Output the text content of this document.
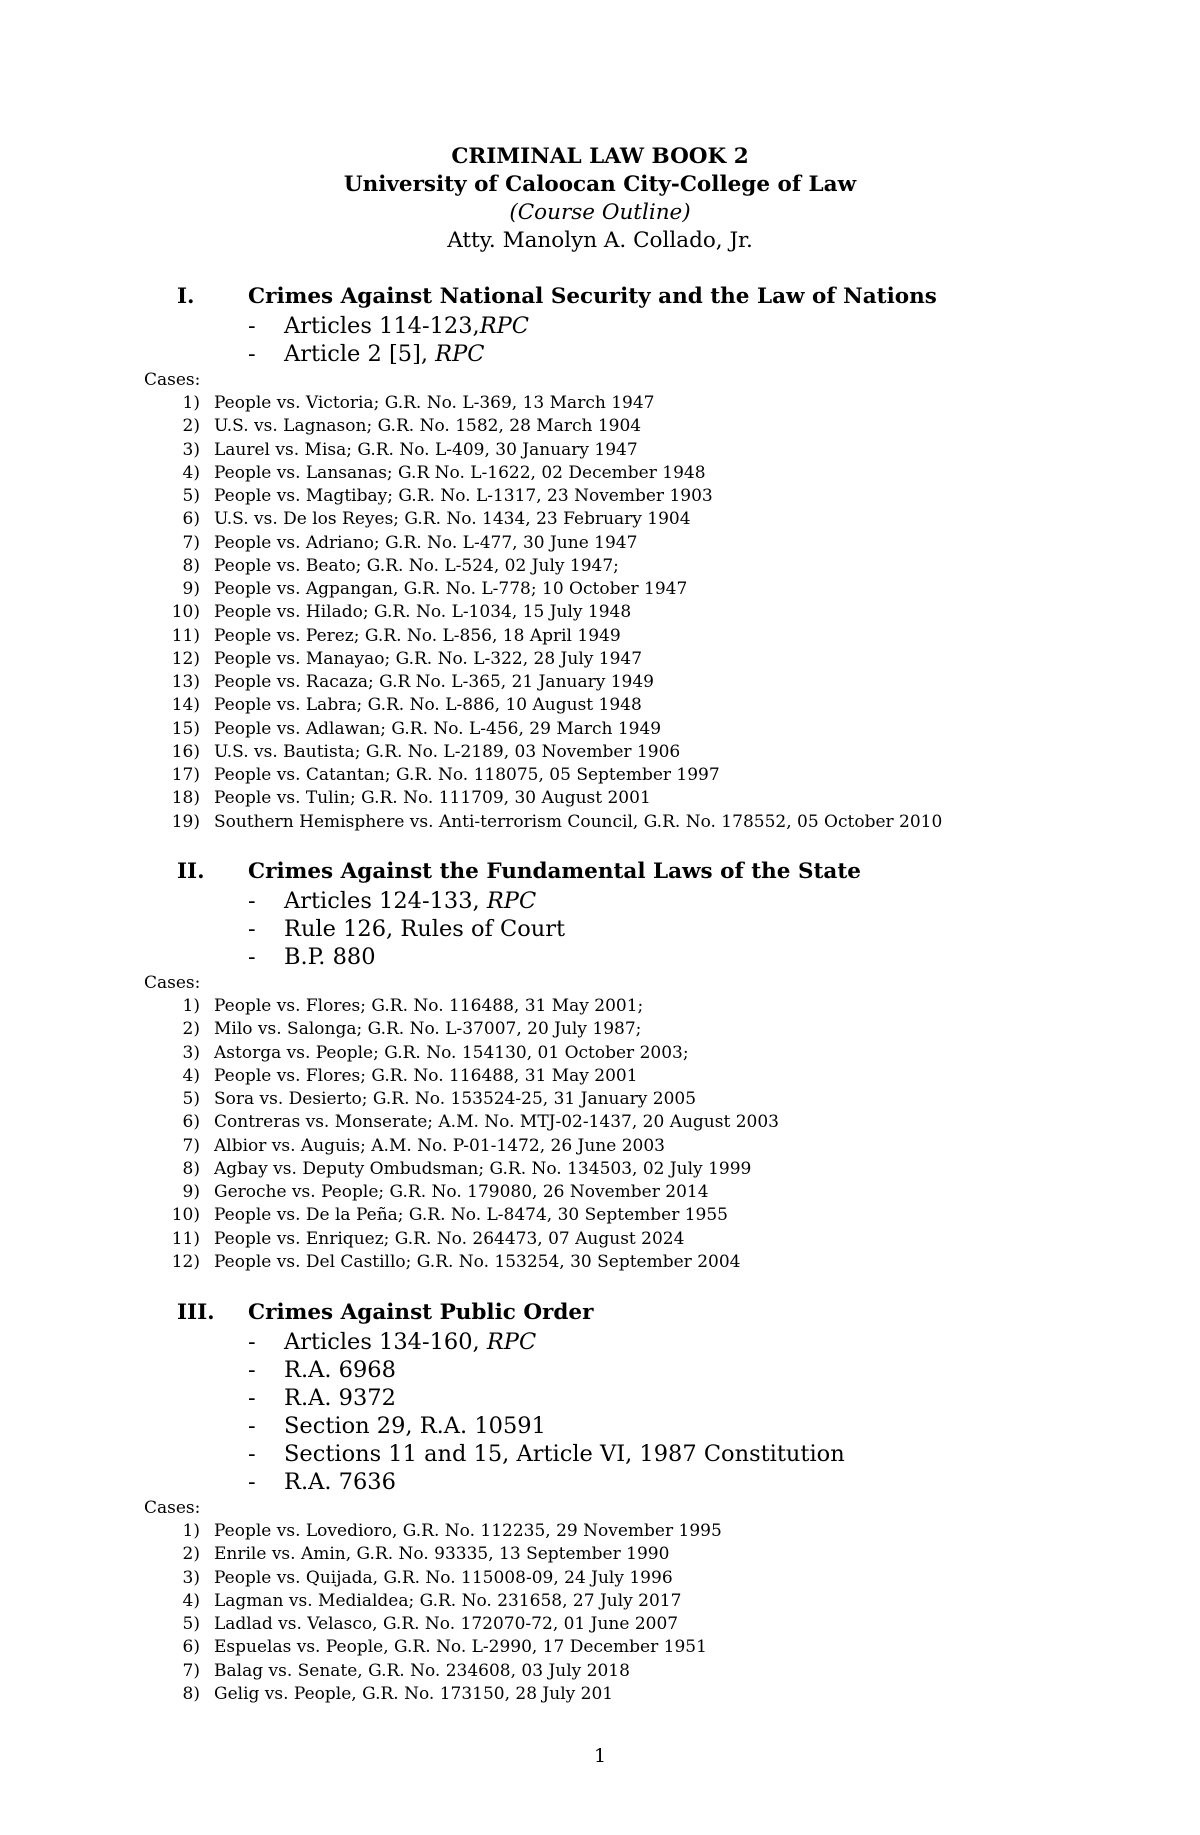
CRIMINAL LAW BOOK 2
University of Caloocan City-College of Law
(Course Outline)
Atty. Manolyn A. Collado, Jr.
I. Crimes Against National Security and the Law of Nations
- Articles 114-123,RPC
- Article 2 [5], RPC
Cases:
1) People vs. Victoria; G.R. No. L-369, 13 March 1947
2) U.S. vs. Lagnason; G.R. No. 1582, 28 March 1904
3) Laurel vs. Misa; G.R. No. L-409, 30 January 1947
4) People vs. Lansanas; G.R No. L-1622, 02 December 1948
5) People vs. Magtibay; G.R. No. L-1317, 23 November 1903
6) U.S. vs. De los Reyes; G.R. No. 1434, 23 February 1904
7) People vs. Adriano; G.R. No. L-477, 30 June 1947
8) People vs. Beato; G.R. No. L-524, 02 July 1947;
9) People vs. Agpangan, G.R. No. L-778; 10 October 1947
10) People vs. Hilado; G.R. No. L-1034, 15 July 1948
11) People vs. Perez; G.R. No. L-856, 18 April 1949
12) People vs. Manayao; G.R. No. L-322, 28 July 1947
13) People vs. Racaza; G.R No. L-365, 21 January 1949
14) People vs. Labra; G.R. No. L-886, 10 August 1948
15) People vs. Adlawan; G.R. No. L-456, 29 March 1949
16) U.S. vs. Bautista; G.R. No. L-2189, 03 November 1906
17) People vs. Catantan; G.R. No. 118075, 05 September 1997
18) People vs. Tulin; G.R. No. 111709, 30 August 2001
19) Southern Hemisphere vs. Anti-terrorism Council, G.R. No. 178552, 05 October 2010
II. Crimes Against the Fundamental Laws of the State
- Articles 124-133, RPC
- Rule 126, Rules of Court
- B.P. 880
Cases:
1) People vs. Flores; G.R. No. 116488, 31 May 2001;
2) Milo vs. Salonga; G.R. No. L-37007, 20 July 1987;
3) Astorga vs. People; G.R. No. 154130, 01 October 2003;
4) People vs. Flores; G.R. No. 116488, 31 May 2001
5) Sora vs. Desierto; G.R. No. 153524-25, 31 January 2005
6) Contreras vs. Monserate; A.M. No. MTJ-02-1437, 20 August 2003
7) Albior vs. Auguis; A.M. No. P-01-1472, 26 June 2003
8) Agbay vs. Deputy Ombudsman; G.R. No. 134503, 02 July 1999
9) Geroche vs. People; G.R. No. 179080, 26 November 2014
10) People vs. De la Peña; G.R. No. L-8474, 30 September 1955
11) People vs. Enriquez; G.R. No. 264473, 07 August 2024
12) People vs. Del Castillo; G.R. No. 153254, 30 September 2004
III. Crimes Against Public Order
- Articles 134-160, RPC
- R.A. 6968
- R.A. 9372
- Section 29, R.A. 10591
- Sections 11 and 15, Article VI, 1987 Constitution
- R.A. 7636
Cases:
1) People vs. Lovedioro, G.R. No. 112235, 29 November 1995
2) Enrile vs. Amin, G.R. No. 93335, 13 September 1990
3) People vs. Quijada, G.R. No. 115008-09, 24 July 1996
4) Lagman vs. Medialdea; G.R. No. 231658, 27 July 2017
5) Ladlad vs. Velasco, G.R. No. 172070-72, 01 June 2007
6) Espuelas vs. People, G.R. No. L-2990, 17 December 1951
7) Balag vs. Senate, G.R. No. 234608, 03 July 2018
8) Gelig vs. People, G.R. No. 173150, 28 July 201
1
